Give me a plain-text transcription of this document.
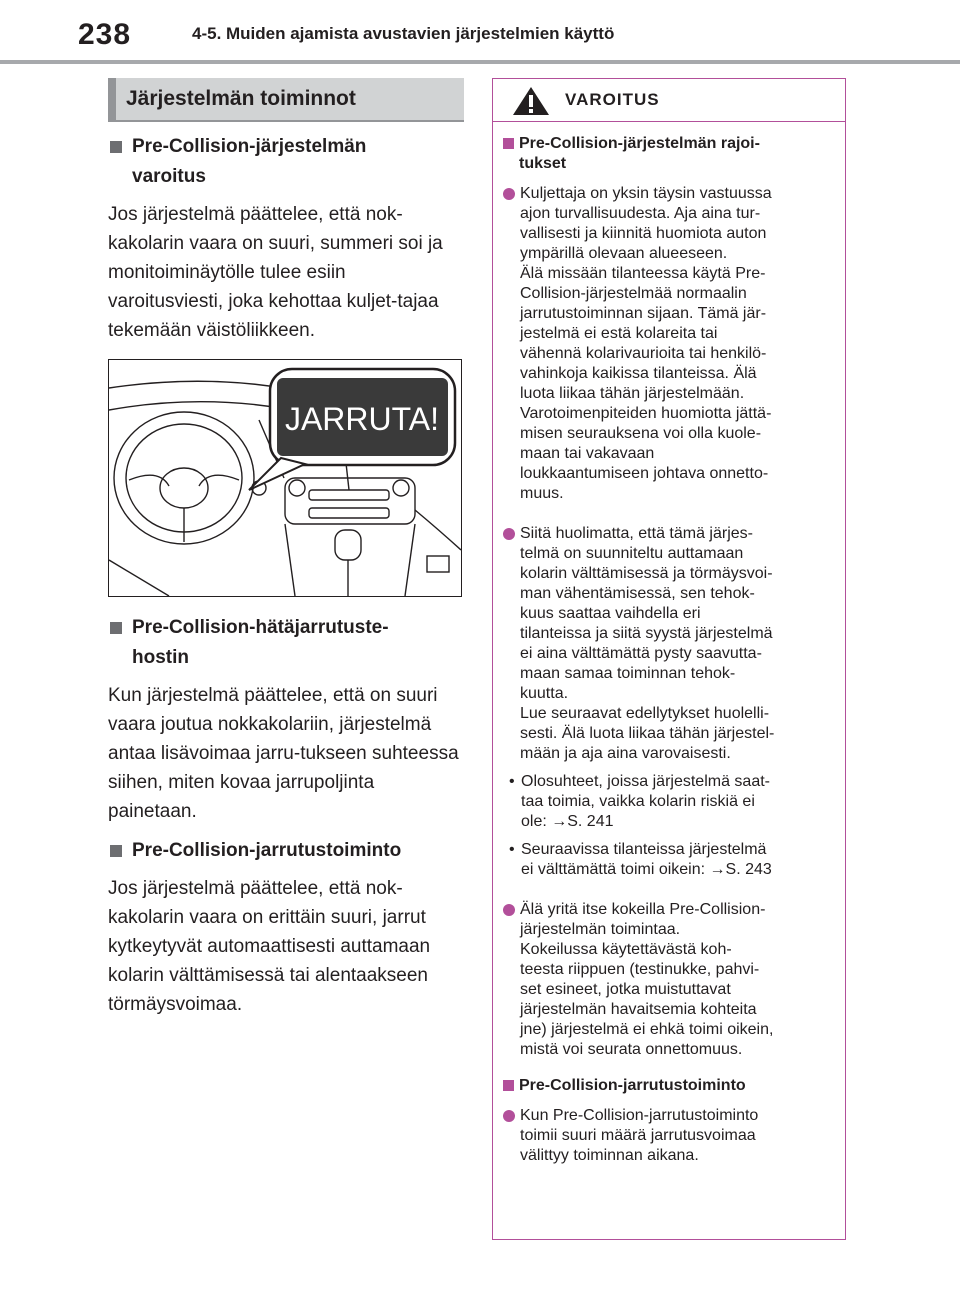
238	4-5. Muiden ajamista avustavien järjestelmien käyttö
Järjestelmän toiminnot
Pre-Collision-järjestelmän
varoitus
Jos järjestelmä päättelee, että nok-kakolarin vaara on suuri, summeri soi ja monitoiminäytölle tulee esiin varoitusviesti, joka kehottaa kuljet-tajaa tekemään väistöliikkeen.
JARRUTA!
Pre-Collision-hätäjarrutuste-
hostin
Kun järjestelmä päättelee, että on suuri vaara joutua nokkakolariin, järjestelmä antaa lisävoimaa jarru-tukseen suhteessa siihen, miten kovaa jarrupoljinta painetaan.
Pre-Collision-jarrutustoiminto
Jos järjestelmä päättelee, että nok-kakolarin vaara on erittäin suuri, jarrut kytkeytyvät automaattisesti auttamaan kolarin välttämisessä tai alentaakseen törmäysvoimaa.
VAROITUS
Pre-Collision-järjestelmän rajoi-
tukset
Kuljettaja on yksin täysin vastuussa
ajon turvallisuudesta. Aja aina tur-
vallisesti ja kiinnitä huomiota auton
ympärillä olevaan alueeseen.
Älä missään tilanteessa käytä Pre-
Collision-järjestelmää normaalin
jarrutustoiminnan sijaan. Tämä jär-
jestelmä ei estä kolareita tai
vähennä kolarivaurioita tai henkilö-
vahinkoja kaikissa tilanteissa. Älä
luota liikaa tähän järjestelmään.
Varotoimenpiteiden huomiotta jättä-
misen seurauksena voi olla kuole-
maan tai vakavaan
loukkaantumiseen johtava onnetto-
muus.
Siitä huolimatta, että tämä järjes-
telmä on suunniteltu auttamaan
kolarin välttämisessä ja törmäysvoi-
man vähentämisessä, sen tehok-
kuus saattaa vaihdella eri
tilanteissa ja siitä syystä järjestelmä
ei aina välttämättä pysty saavutta-
maan samaa toiminnan tehok-
kuutta.
Lue seuraavat edellytykset huolelli-
sesti. Älä luota liikaa tähän järjestel-
mään ja aja aina varovaisesti.
• Olosuhteet, joissa järjestelmä saat-
taa toimia, vaikka kolarin riskiä ei
ole: →S. 241
• Seuraavissa tilanteissa järjestelmä
ei välttämättä toimi oikein: →S. 243
Älä yritä itse kokeilla Pre-Collision-
järjestelmän toimintaa.
Kokeilussa käytettävästä koh-
teesta riippuen (testinukke, pahvi-
set esineet, jotka muistuttavat
järjestelmän havaitsemia kohteita
jne) järjestelmä ei ehkä toimi oikein,
mistä voi seurata onnettomuus.
Pre-Collision-jarrutustoiminto
Kun Pre-Collision-jarrutustoiminto
toimii suuri määrä jarrutusvoimaa
välittyy toiminnan aikana.
